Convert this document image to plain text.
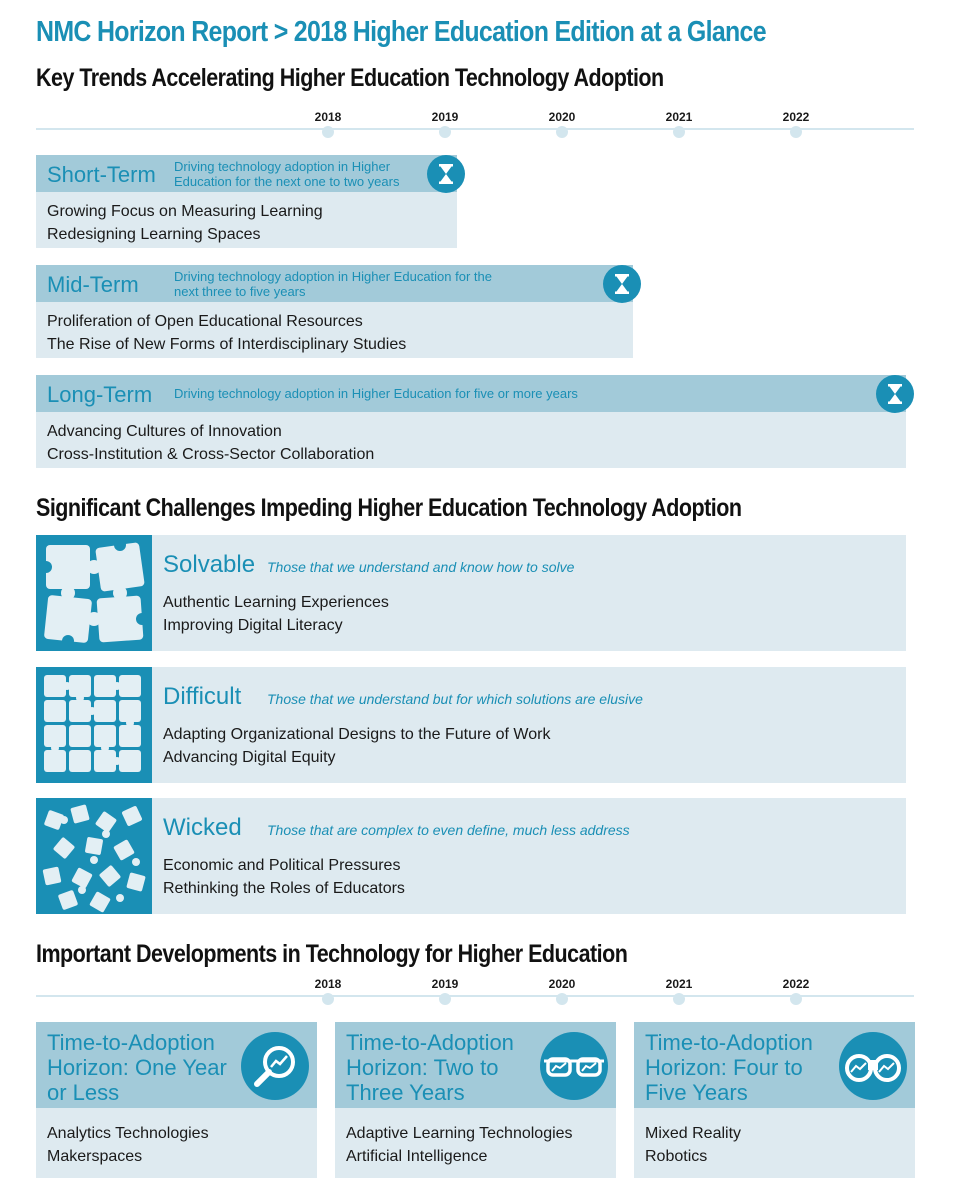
NMC Horizon Report > 2018 Higher Education Edition at a Glance
Key Trends Accelerating Higher Education Technology Adoption
2018	2019	2020	2021	2022
Short-Term Driving technology adoption in Higher
Education for the next one to two years
Growing Focus on Measuring Learning
Redesigning Learning Spaces
Mid-Term	Driving technology adoption in Higher Education for the
next three to five years
Proliferation of Open Educational Resources
The Rise of New Forms of Interdisciplinary Studies
Long-Term Driving technology adoption in Higher Education for five or more years
Advancing Cultures of Innovation
Cross-Institution & Cross-Sector Collaboration
Significant Challenges Impeding Higher Education Technology Adoption
Solvable Those that we understand and know how to solve
Authentic Learning Experiences
Improving Digital Literacy
Difficult Those that we understand but for which solutions are elusive
Adapting Organizational Designs to the Future of Work
Advancing Digital Equity
Wicked Those that are complex to even define, much less address
Economic and Political Pressures
Rethinking the Roles of Educators
Important Developments in Technology for Higher Education
2018	2019	2020	2021	2022
Time-to-Adoption
Horizon: One Year
or Less
Analytics Technologies
Makerspaces
Time-to-Adoption
Horizon: Two to
Three Years
Adaptive Learning Technologies
Artificial Intelligence
Time-to-Adoption
Horizon: Four to
Five Years
Mixed Reality
Robotics
